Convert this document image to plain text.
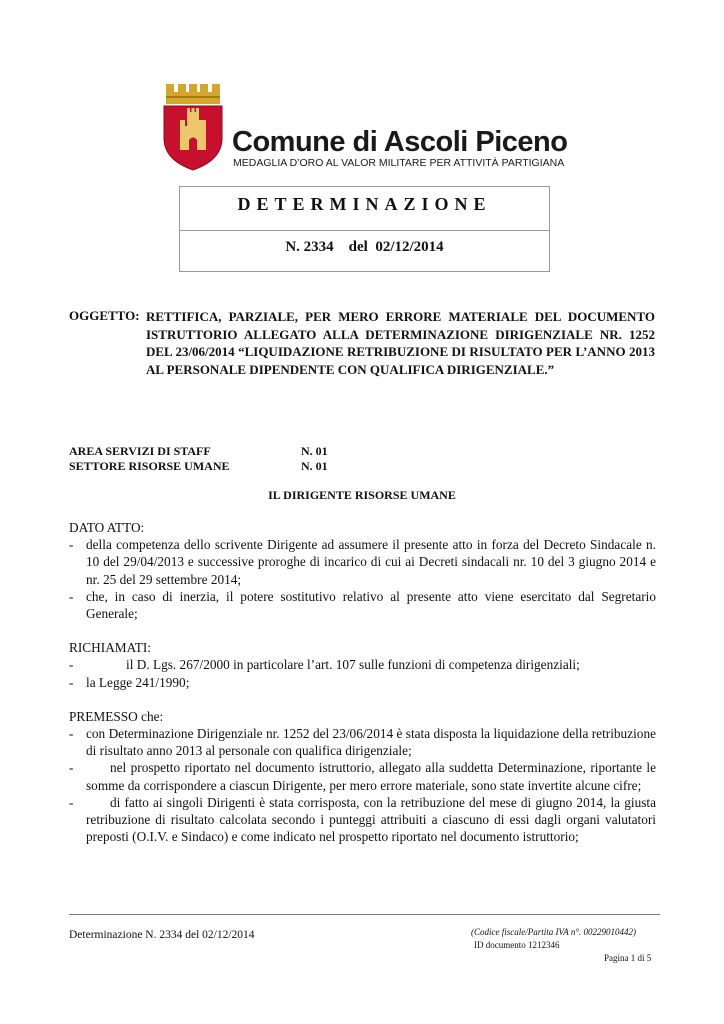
Comune di Ascoli Piceno
MEDAGLIA D’ORO AL VALOR MILITARE PER ATTIVITÀ PARTIGIANA
DETERMINAZIONE
N. 2334    del  02/12/2014
OGGETTO: RETTIFICA, PARZIALE, PER MERO ERRORE MATERIALE DEL DOCUMENTO ISTRUTTORIO ALLEGATO ALLA DETERMINAZIONE DIRIGENZIALE NR. 1252 DEL 23/06/2014 “LIQUIDAZIONE RETRIBUZIONE DI RISULTATO PER L’ANNO 2013 AL PERSONALE DIPENDENTE CON QUALIFICA DIRIGENZIALE.”
AREA SERVIZI DI STAFF	N. 01
SETTORE RISORSE UMANE	N. 01
IL DIRIGENTE RISORSE UMANE

DATO ATTO:

- della competenza dello scrivente Dirigente ad assumere il presente atto in forza del Decreto Sindacale n. 10 del 29/04/2013 e successive proroghe di incarico di cui ai Decreti sindacali nr. 10 del 3 giugno 2014 e nr. 25 del 29 settembre 2014;

- che, in caso di inerzia, il potere sostitutivo relativo al presente atto viene esercitato dal Segretario Generale;

RICHIAMATI:

-	il D. Lgs. 267/2000 in particolare l’art. 107 sulle funzioni di competenza dirigenziali;

- la Legge 241/1990;

PREMESSO che:

- con Determinazione Dirigenziale nr. 1252 del 23/06/2014 è stata disposta la liquidazione della retribuzione di risultato anno 2013 al personale con qualifica dirigenziale;

-	nel prospetto riportato nel documento istruttorio, allegato alla suddetta Determinazione, riportante le somme da corrispondere a ciascun Dirigente, per mero errore materiale, sono state invertite alcune cifre;

-	di fatto ai singoli Dirigenti è stata corrisposta, con la retribuzione del mese di giugno 2014, la giusta retribuzione di risultato calcolata secondo i punteggi attribuiti a ciascuno di essi dagli organi valutatori preposti (O.I.V. e Sindaco) e come indicato nel prospetto riportato nel documento istruttorio;

Determinazione N. 2334 del 02/12/2014	(Codice fiscale/Partita IVA n°. 00229010442)
ID documento 1212346
Pagina 1 di 5
